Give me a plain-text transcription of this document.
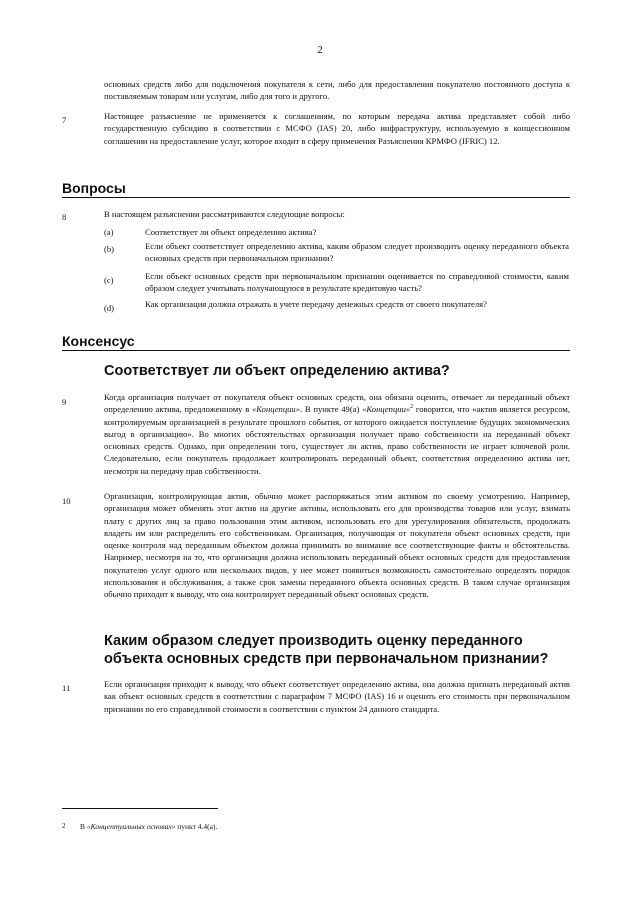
2
основных средств либо для подключения покупателя к сети, либо для предоставления покупателю постоянного доступа к поставляемым товарам или услугам, либо для того и другого.
7	Настоящее разъяснение не применяется к соглашениям, по которым передача актива представляет собой либо государственную субсидию в соответствии с МСФО (IAS) 20, либо инфраструктуру, используемую в концессионном соглашении на предоставление услуг, которое входит в сферу применения Разъяснения КРМФО (IFRIC) 12.
Вопросы
8	В настоящем разъяснении рассматриваются следующие вопросы:
(a)	Соответствует ли объект определению актива?
(b)	Если объект соответствует определению актива, каким образом следует производить оценку переданного объекта основных средств при первоначальном признании?
(c)	Если объект основных средств при первоначальном признании оценивается по справедливой стоимости, каким образом следует учитывать получающуюся в результате кредитовую часть?
(d)	Как организация должна отражать в учете передачу денежных средств от своего покупателя?
Консенсус
Соответствует ли объект определению актива?
9	Когда организация получает от покупателя объект основных средств, она обязана оценить, отвечает ли переданный объект определению актива, предложенному в «Концепции». В пункте 49(а) «Концепции»$^2$ говорится, что «актив является ресурсом, контролируемым организацией в результате прошлого события, от которого ожидается поступление будущих экономических выгод в организацию». Во многих обстоятельствах организация получает право собственности на переданный объект основных средств. Однако, при определении того, существует ли актив, право собственности не играет ключевой роли. Следовательно, если покупатель продолжает контролировать переданный объект, соответствия определению актива нет, несмотря на передачу прав собственности.
10	Организация, контролирующая актив, обычно может распоряжаться этим активом по своему усмотрению. Например, организация может обменять этот актив на другие активы, использовать его для производства товаров или услуг, взимать плату с других лиц за право пользования этим активом, использовать его для урегулирования обязательств, продолжать владеть им или распределить его собственникам. Организация, получающая от покупателя объект основных средств, при оценке контроля над переданным объектом должна принимать во внимание все соответствующие факты и обстоятельства. Например, несмотря на то, что организация должна использовать переданный объект основных средств для предоставления покупателю услуг одного или нескольких видов, у нее может появиться возможность самостоятельно определять порядок использования и обслуживания, а также срок замены переданного объекта основных средств. В таком случае организация обычно приходит к выводу, что она контролирует переданный объект основных средств.
Каким образом следует производить оценку переданного объекта основных средств при первоначальном признании?
11	Если организация приходит к выводу, что объект соответствует определению актива, она должна признать переданный актив как объект основных средств в соответствии с параграфом 7 МСФО (IAS) 16 и оценить его стоимость при первоначальном признании по его справедливой стоимости в соответствии с пунктом 24 данного стандарта.
2 В «Концептуальных основах» пункт 4.4(а).
